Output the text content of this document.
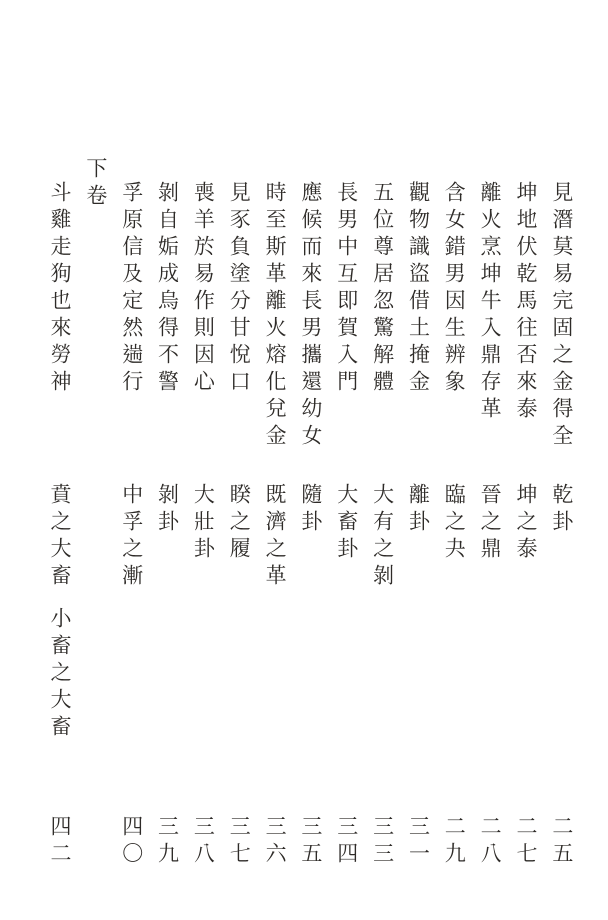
見潛莫易完固之金得全
乾卦
二五
坤地伏乾馬往否來泰
坤之泰
二七
離火烹坤牛入鼎存革
晉之鼎
二八
含女錯男因生辨象
臨之夬
二九
觀物識盜借土掩金
離卦
三一
五位尊居忽驚解體
大有之剝
三三
長男中互即賀入門
大畜卦
三四
應候而來長男攜還幼女
隨卦
三五
時至斯革離火熔化兌金
既濟之革
三六
見豕負塗分甘悅口
睽之履
三七
喪羊於易作則因心
大壯卦
三八
剝自姤成烏得不警
剝卦
三九
孚原信及定然遄行
中孚之漸
四〇
下卷
斗雞走狗也來勞神
賁之大畜
小畜之大畜
四二
